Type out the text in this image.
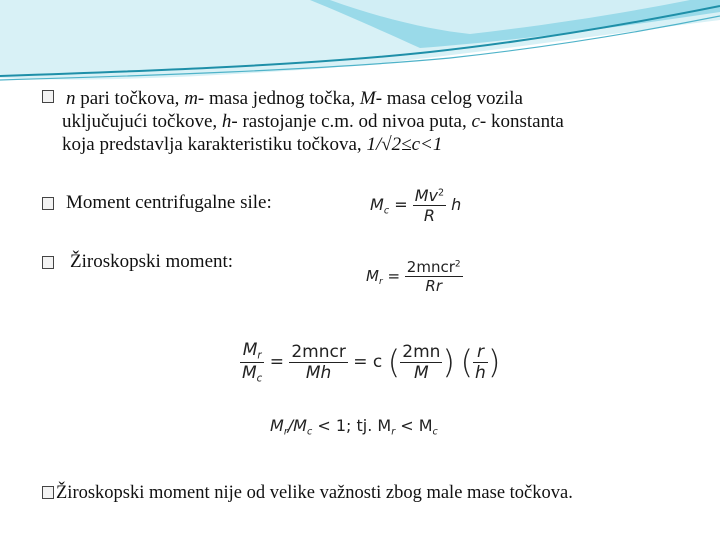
n pari točkova, m- masa jednog točka, M- masa celog vozila
uključujući točkove, h- rastojanje c.m. od nivoa puta, c- konstanta
koja predstavlja karakteristiku točkova, 1/√2≤c<1
Moment centrifugalne sile:	$M_c = \frac{Mv^2}{R}$ h
Žiroskopski moment:
$M_r = \frac{2mncr^2}{Rr}$
$\frac{M_r}{M_c} = \frac{\text{2mncr}}{Mh} = c$ ( $\frac{2mn}{M}$ ) ( $\frac{r}{h}$ )
$M_r/M_c < 1$; tj. $M_r < M_c$
Žiroskopski moment nije od velike važnosti zbog male mase točkova.
